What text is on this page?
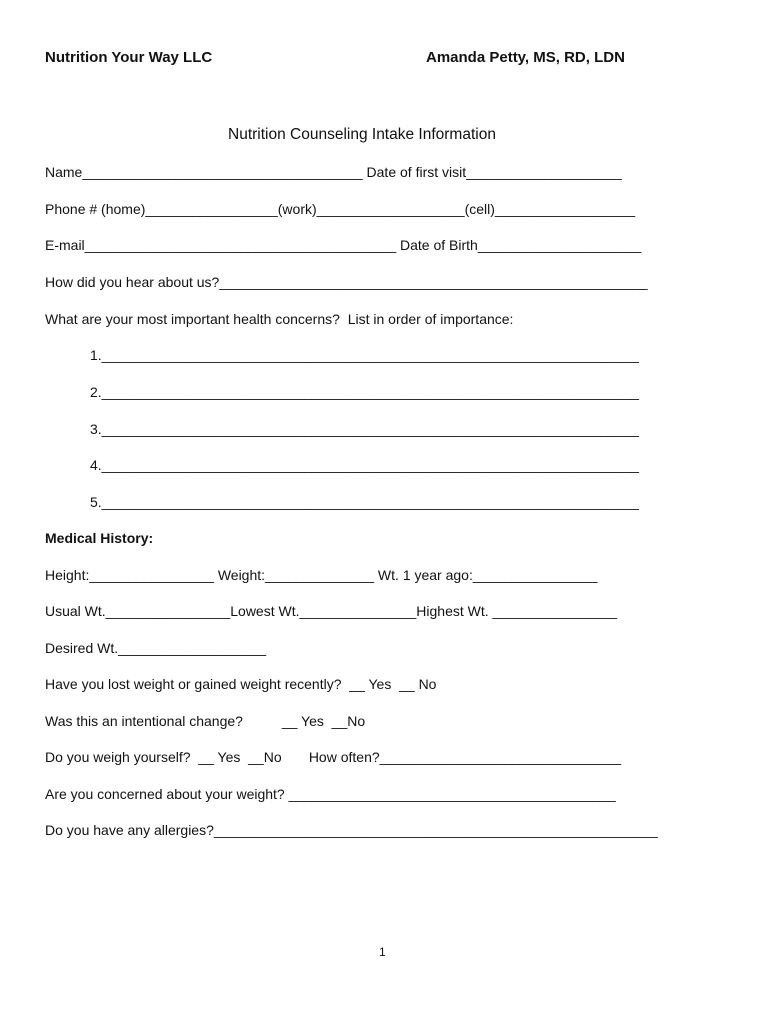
Nutrition Your Way LLC	Amanda Petty, MS, RD, LDN
Nutrition Counseling Intake Information
Name____________________________________ Date of first visit____________________
Phone # (home)_________________(work)___________________(cell)__________________
E-mail________________________________________ Date of Birth_____________________
How did you hear about us?_______________________________________________________
What are your most important health concerns?  List in order of importance:
1._____________________________________________________________________
2._____________________________________________________________________
3._____________________________________________________________________
4._____________________________________________________________________
5._____________________________________________________________________
Medical History:
Height:________________ Weight:______________ Wt. 1 year ago:________________
Usual Wt.________________Lowest Wt._______________Highest Wt. ________________
Desired Wt.___________________
Have you lost weight or gained weight recently?  __ Yes  __ No
Was this an intentional change?          __ Yes  __No
Do you weigh yourself?  __ Yes  __No       How often?_______________________________
Are you concerned about your weight? __________________________________________
Do you have any allergies?_________________________________________________________
1
